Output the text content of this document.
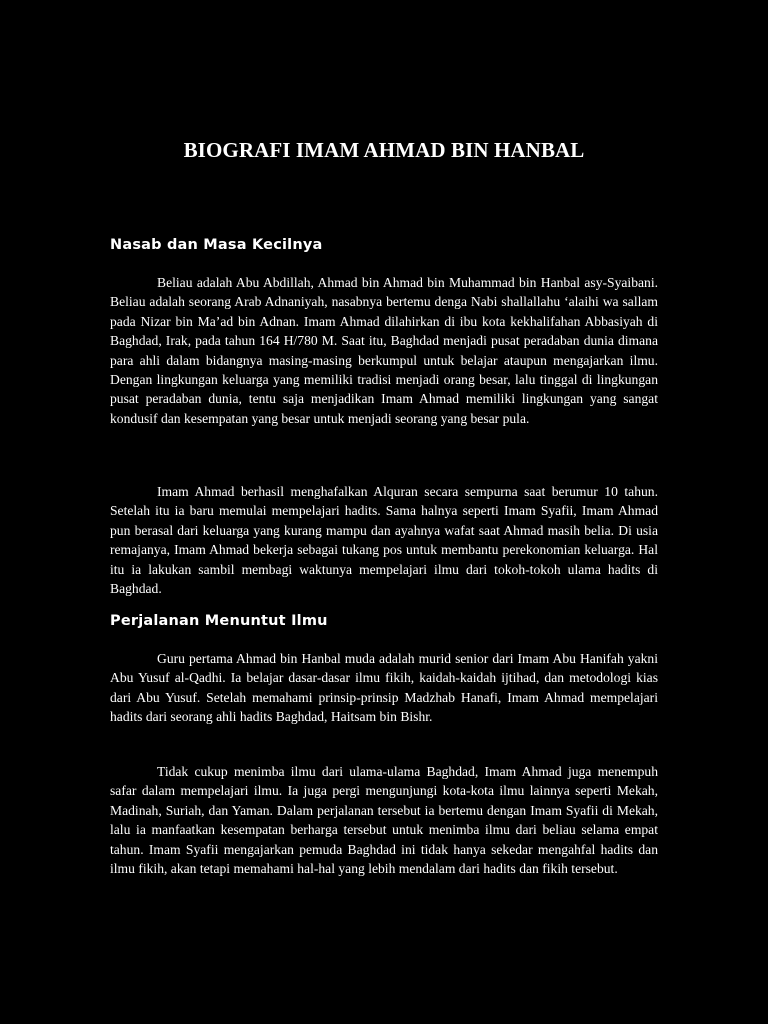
BIOGRAFI IMAM AHMAD BIN HANBAL
Nasab dan Masa Kecilnya

Beliau adalah Abu Abdillah, Ahmad bin Ahmad bin Muhammad bin Hanbal asy-Syaibani. Beliau adalah seorang Arab Adnaniyah, nasabnya bertemu denga Nabi shallallahu ‘alaihi wa sallam pada Nizar bin Ma’ad bin Adnan. Imam Ahmad dilahirkan di ibu kota kekhalifahan Abbasiyah di Baghdad, Irak, pada tahun 164 H/780 M. Saat itu, Baghdad menjadi pusat peradaban dunia dimana para ahli dalam bidangnya masing-masing berkumpul untuk belajar ataupun mengajarkan ilmu. Dengan lingkungan keluarga yang memiliki tradisi menjadi orang besar, lalu tinggal di lingkungan pusat peradaban dunia, tentu saja menjadikan Imam Ahmad memiliki lingkungan yang sangat kondusif dan kesempatan yang besar untuk menjadi seorang yang besar pula.

Imam Ahmad berhasil menghafalkan Alquran secara sempurna saat berumur 10 tahun. Setelah itu ia baru memulai mempelajari hadits. Sama halnya seperti Imam Syafii, Imam Ahmad pun berasal dari keluarga yang kurang mampu dan ayahnya wafat saat Ahmad masih belia. Di usia remajanya, Imam Ahmad bekerja sebagai tukang pos untuk membantu perekonomian keluarga. Hal itu ia lakukan sambil membagi waktunya mempelajari ilmu dari tokoh-tokoh ulama hadits di Baghdad.

Perjalanan Menuntut Ilmu

Guru pertama Ahmad bin Hanbal muda adalah murid senior dari Imam Abu Hanifah yakni Abu Yusuf al-Qadhi. Ia belajar dasar-dasar ilmu fikih, kaidah-kaidah ijtihad, dan metodologi kias dari Abu Yusuf. Setelah memahami prinsip-prinsip Madzhab Hanafi, Imam Ahmad mempelajari hadits dari seorang ahli hadits Baghdad, Haitsam bin Bishr.

Tidak cukup menimba ilmu dari ulama-ulama Baghdad, Imam Ahmad juga menempuh safar dalam mempelajari ilmu. Ia juga pergi mengunjungi kota-kota ilmu lainnya seperti Mekah, Madinah, Suriah, dan Yaman. Dalam perjalanan tersebut ia bertemu dengan Imam Syafii di Mekah, lalu ia manfaatkan kesempatan berharga tersebut untuk menimba ilmu dari beliau selama empat tahun. Imam Syafii mengajarkan pemuda Baghdad ini tidak hanya sekedar mengahfal hadits dan ilmu fikih, akan tetapi memahami hal-hal yang lebih mendalam dari hadits dan fikih tersebut.
